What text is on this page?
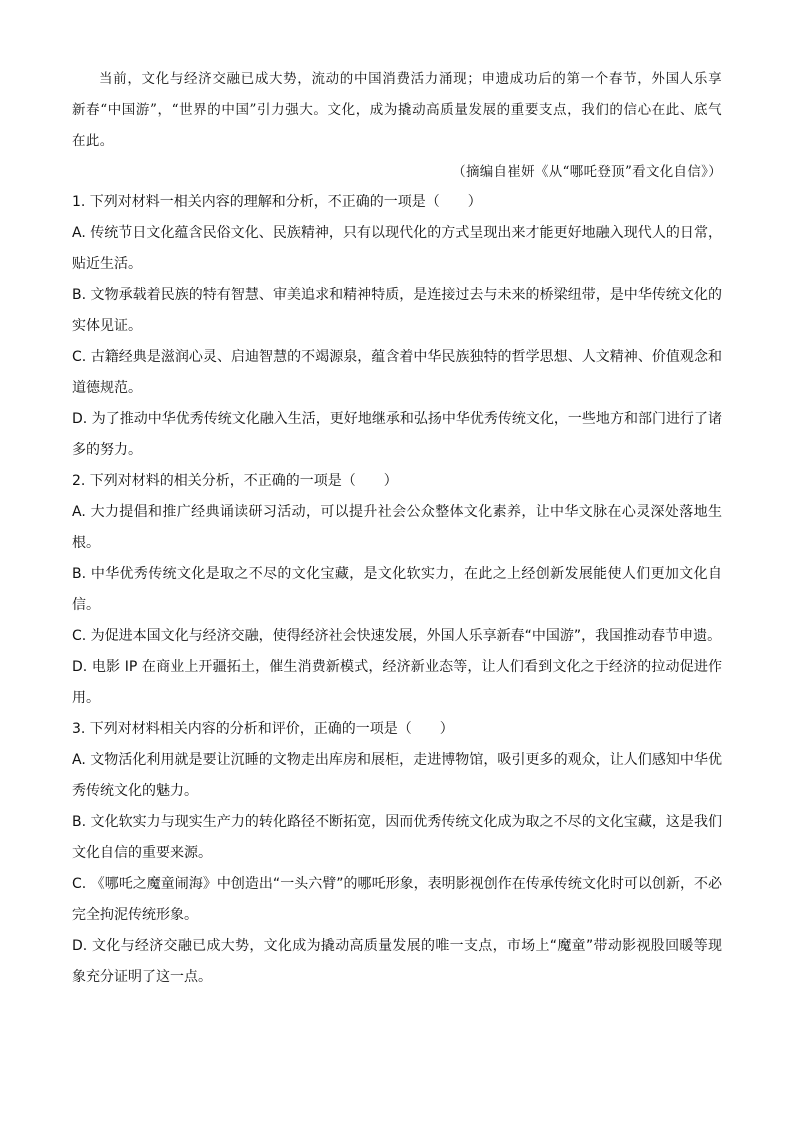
当前，文化与经济交融已成大势，流动的中国消费活力涌现；申遗成功后的第一个春节，外国人乐享新春“中国游”，“世界的中国”引力强大。文化，成为撬动高质量发展的重要支点，我们的信心在此、底气在此。

（摘编自崔妍《从“哪吒登顶”看文化自信》）

1. 下列对材料一相关内容的理解和分析，不正确的一项是（　　）

A. 传统节日文化蕴含民俗文化、民族精神，只有以现代化的方式呈现出来才能更好地融入现代人的日常，贴近生活。

B. 文物承载着民族的特有智慧、审美追求和精神特质，是连接过去与未来的桥梁纽带，是中华传统文化的实体见证。

C. 古籍经典是滋润心灵、启迪智慧的不竭源泉，蕴含着中华民族独特的哲学思想、人文精神、价值观念和道德规范。

D. 为了推动中华优秀传统文化融入生活，更好地继承和弘扬中华优秀传统文化，一些地方和部门进行了诸多的努力。

2. 下列对材料的相关分析，不正确的一项是（　　）

A. 大力提倡和推广经典诵读研习活动，可以提升社会公众整体文化素养，让中华文脉在心灵深处落地生根。

B. 中华优秀传统文化是取之不尽的文化宝藏，是文化软实力，在此之上经创新发展能使人们更加文化自信。

C. 为促进本国文化与经济交融，使得经济社会快速发展，外国人乐享新春“中国游”，我国推动春节申遗。

D. 电影 IP 在商业上开疆拓土，催生消费新模式，经济新业态等，让人们看到文化之于经济的拉动促进作用。

3. 下列对材料相关内容的分析和评价，正确的一项是（　　）

A. 文物活化利用就是要让沉睡的文物走出库房和展柜，走进博物馆，吸引更多的观众，让人们感知中华优秀传统文化的魅力。

B. 文化软实力与现实生产力的转化路径不断拓宽，因而优秀传统文化成为取之不尽的文化宝藏，这是我们文化自信的重要来源。

C. 《哪吒之魔童闹海》中创造出“一头六臂”的哪吒形象，表明影视创作在传承传统文化时可以创新，不必完全拘泥传统形象。

D. 文化与经济交融已成大势，文化成为撬动高质量发展的唯一支点，市场上“魔童”带动影视股回暖等现象充分证明了这一点。
